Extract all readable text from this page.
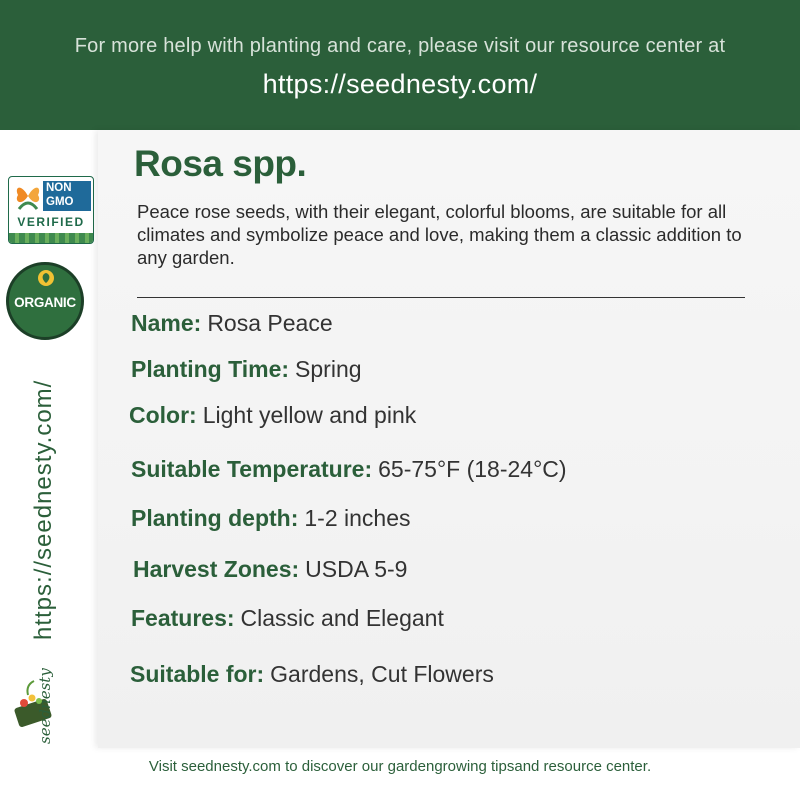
For more help with planting and care, please visit our resource center at
https://seednesty.com/
NON
GMO
VERIFIED
ORGANIC
https://seednesty.com/
seednesty
Rosa spp.
Peace rose seeds, with their elegant, colorful blooms, are suitable for all climates and symbolize peace and love, making them a classic addition to any garden.
Name: Rosa Peace
Planting Time: Spring
Color: Light yellow and pink
Suitable Temperature: 65-75°F (18-24°C)
Planting depth: 1-2 inches
Harvest Zones: USDA 5-9
Features: Classic and Elegant
Suitable for: Gardens, Cut Flowers
Visit seednesty.com to discover our gardengrowing tipsand resource center.
